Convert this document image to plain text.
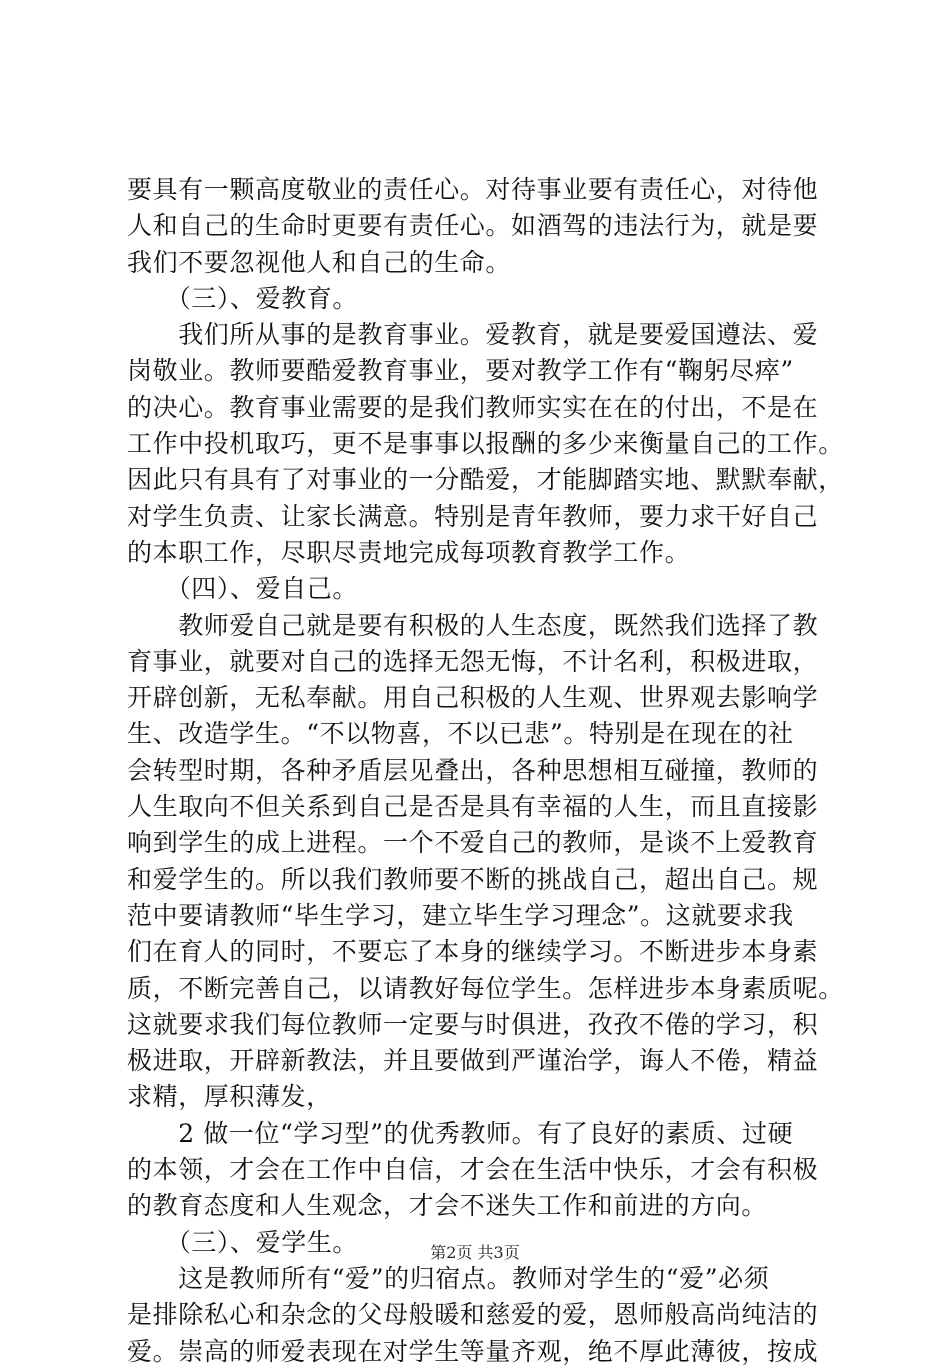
要具有一颗高度敬业的责任心。对待事业要有责任心，对待他
人和自己的生命时更要有责任心。如酒驾的违法行为，就是要
我们不要忽视他人和自己的生命。
　　（三）、爱教育。
　　我们所从事的是教育事业。爱教育，就是要爱国遵法、爱
岗敬业。教师要酷爱教育事业，要对教学工作有“鞠躬尽瘁”
的决心。教育事业需要的是我们教师实实在在的付出，不是在
工作中投机取巧，更不是事事以报酬的多少来衡量自己的工作。
因此只有具有了对事业的一分酷爱，才能脚踏实地、默默奉献，
对学生负责、让家长满意。特别是青年教师，要力求干好自己
的本职工作，尽职尽责地完成每项教育教学工作。
　　（四）、爱自己。
　　教师爱自己就是要有积极的人生态度，既然我们选择了教
育事业，就要对自己的选择无怨无悔，不计名利，积极进取，
开辟创新，无私奉献。用自己积极的人生观、世界观去影响学
生、改造学生。“不以物喜，不以已悲”。特别是在现在的社
会转型时期，各种矛盾层见叠出，各种思想相互碰撞，教师的
人生取向不但关系到自己是否是具有幸福的人生，而且直接影
响到学生的成上进程。一个不爱自己的教师，是谈不上爱教育
和爱学生的。所以我们教师要不断的挑战自己，超出自己。规
范中要请教师“毕生学习，建立毕生学习理念”。这就要求我
们在育人的同时，不要忘了本身的继续学习。不断进步本身素
质，不断完善自己，以请教好每位学生。怎样进步本身素质呢。
这就要求我们每位教师一定要与时俱进，孜孜不倦的学习，积
极进取，开辟新教法，并且要做到严谨治学，诲人不倦，精益
求精，厚积薄发，
　　2 做一位“学习型”的优秀教师。有了良好的素质、过硬
的本领，才会在工作中自信，才会在生活中快乐，才会有积极
的教育态度和人生观念，才会不迷失工作和前进的方向。
　　（三）、爱学生。
　　这是教师所有“爱”的归宿点。教师对学生的“爱”必须
是排除私心和杂念的父母般暖和慈爱的爱，恩师般高尚纯洁的
爱。崇高的师爱表现在对学生等量齐观，绝不厚此薄彼，按成
第2页 共3页
